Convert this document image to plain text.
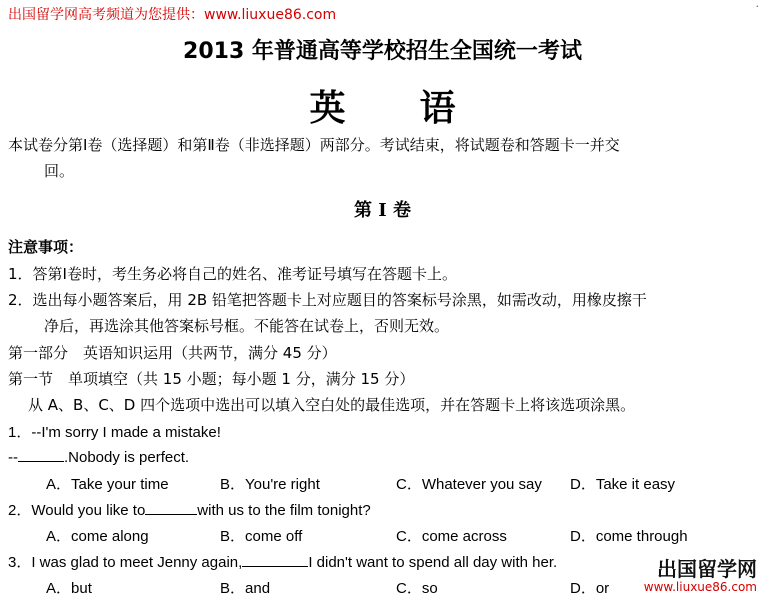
出国留学网高考频道为您提供：www.liuxue86.com
·
2013 年普通高等学校招生全国统一考试
英语
本试卷分第Ⅰ卷（选择题）和第Ⅱ卷（非选择题）两部分。考试结束，将试题卷和答题卡一并交
回。
第 Ⅰ 卷
注意事项：
1．答第Ⅰ卷时，考生务必将自己的姓名、准考证号填写在答题卡上。
2．选出每小题答案后，用 2B 铅笔把答题卡上对应题目的答案标号涂黑，如需改动，用橡皮擦干
净后，再选涂其他答案标号框。不能答在试卷上，否则无效。
第一部分　英语知识运用（共两节，满分 45 分）
第一节　单项填空（共 15 小题；每小题 1 分，满分 15 分）
从 A、B、C、D 四个选项中选出可以填入空白处的最佳选项，并在答题卡上将该选项涂黑。
1．--I'm sorry I made a mistake!
--	.Nobody is perfect.
A．Take your time	B．You're right	C．Whatever you say D．Take it easy
2．Would you like to	with us to the film tonight?
A．come along	B．come off	C．come across	D．come through
3．I was glad to meet Jenny again,	I didn't want to spend all day with her.
A．but	B．and	C．so	D．or
出国留学网
www.liuxue86.com
